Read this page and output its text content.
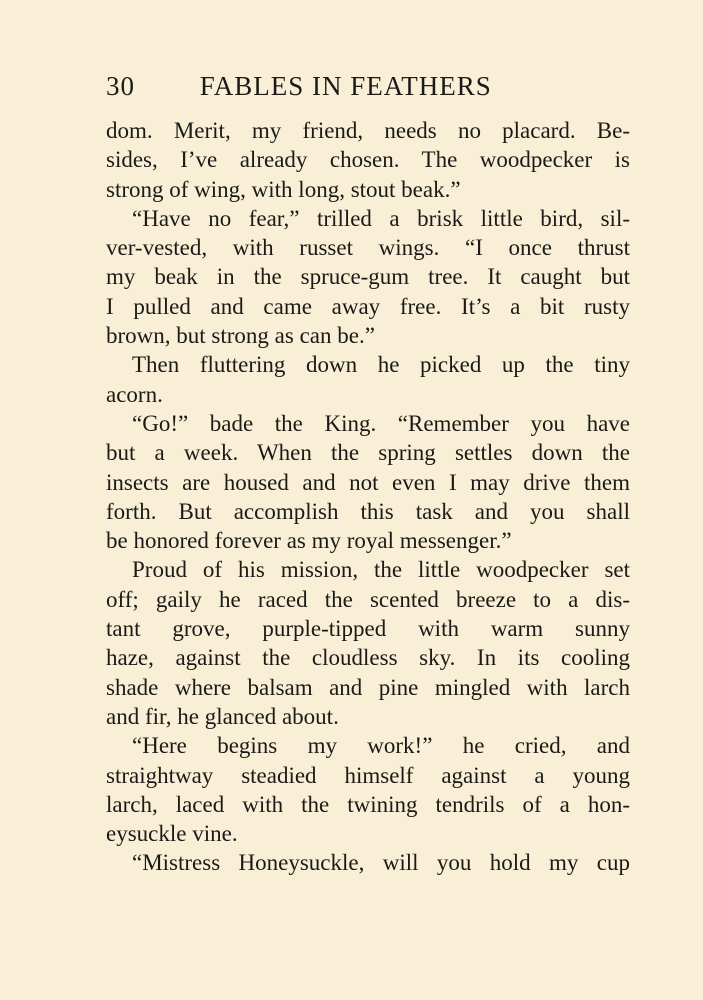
30 FABLES IN FEATHERS
dom. Merit, my friend, needs no placard. Be-
sides, I’ve already chosen. The woodpecker is
strong of wing, with long, stout beak.”
“Have no fear,” trilled a brisk little bird, sil-
ver-vested, with russet wings. “I once thrust
my beak in the spruce-gum tree. It caught but
I pulled and came away free. It’s a bit rusty
brown, but strong as can be.”
Then fluttering down he picked up the tiny
acorn.
“Go!” bade the King. “Remember you have
but a week. When the spring settles down the
insects are housed and not even I may drive them
forth. But accomplish this task and you shall
be honored forever as my royal messenger.”
Proud of his mission, the little woodpecker set
off; gaily he raced the scented breeze to a dis-
tant grove, purple-tipped with warm sunny
haze, against the cloudless sky. In its cooling
shade where balsam and pine mingled with larch
and fir, he glanced about.
“Here begins my work!” he cried, and
straightway steadied himself against a young
larch, laced with the twining tendrils of a hon-
eysuckle vine.
“Mistress Honeysuckle, will you hold my cup
